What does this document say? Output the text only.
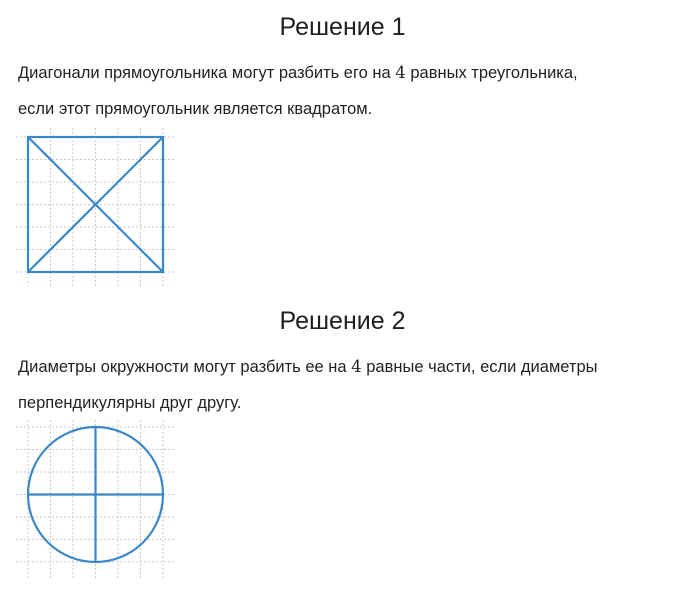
Решение 1

Диагонали прямоугольника могут разбить его на 4 равных треугольника,

если этот прямоугольник является квадратом.

Решение 2

Диаметры окружности могут разбить ее на 4 равные части, если диаметры

перпендикулярны друг другу.
